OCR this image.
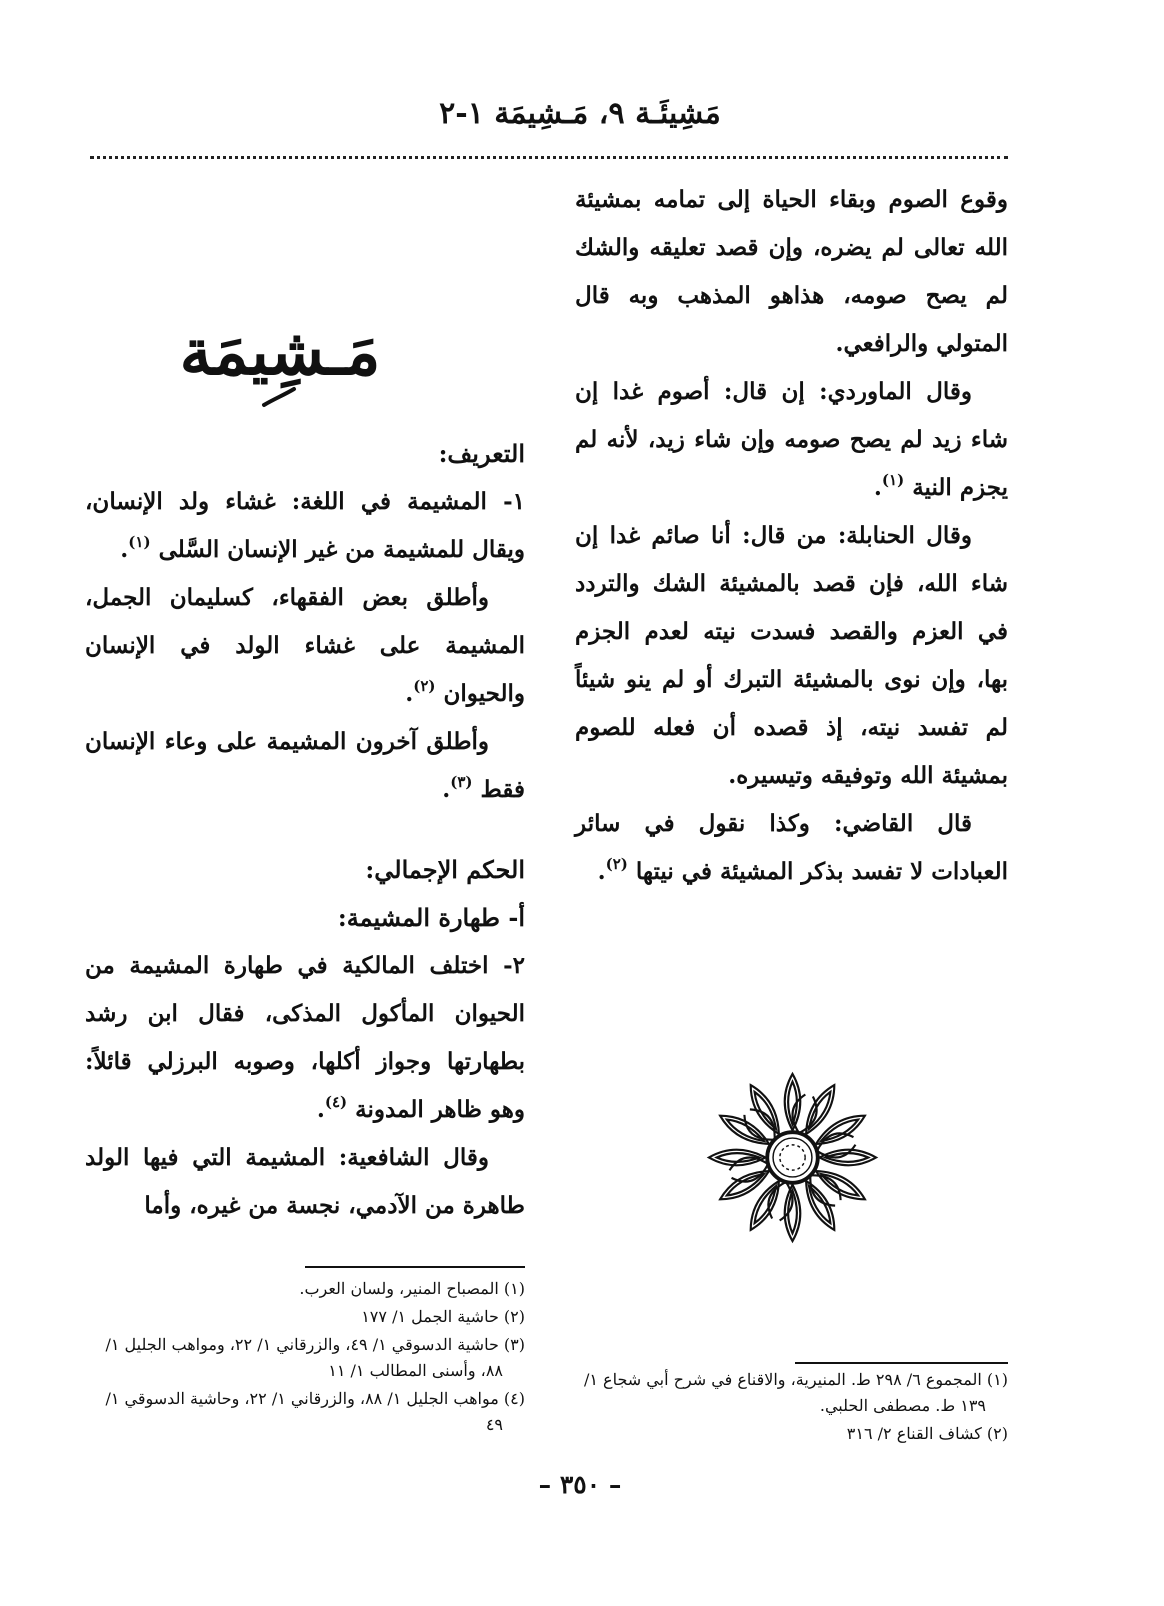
مَشِيئَـة ٩، مَـشِيمَة ١-٢

وقوع الصوم وبقاء الحياة إلى تمامه بمشيئة الله تعالى لم يضره، وإن قصد تعليقه والشك لم يصح صومه، هذاهو المذهب وبه قال المتولي والرافعي.

وقال الماوردي: إن قال: أصوم غدا إن شاء زيد لم يصح صومه وإن شاء زيد، لأنه لم يجزم النية $^{(١)}$.

وقال الحنابلة: من قال: أنا صائم غدا إن شاء الله، فإن قصد بالمشيئة الشك والتردد في العزم والقصد فسدت نيته لعدم الجزم بها، وإن نوى بالمشيئة التبرك أو لم ينو شيئاً لم تفسد نيته، إذ قصده أن فعله للصوم بمشيئة الله وتوفيقه وتيسيره.

قال القاضي: وكذا نقول في سائر العبادات لا تفسد بذكر المشيئة في نيتها $^{(٢)}$.

مَـشِيمَة

التعريف:

١- المشيمة في اللغة: غشاء ولد الإنسان، ويقال للمشيمة من غير الإنسان السَّلى $^{(١)}$.

وأطلق بعض الفقهاء، كسليمان الجمل، المشيمة على غشاء الولد في الإنسان والحيوان $^{(٢)}$.

وأطلق آخرون المشيمة على وعاء الإنسان فقط $^{(٣)}$.

الحكم الإجمالي:

أ- طهارة المشيمة:

٢- اختلف المالكية في طهارة المشيمة من الحيوان المأكول المذكى، فقال ابن رشد بطهارتها وجواز أكلها، وصوبه البرزلي قائلاً: وهو ظاهر المدونة $^{(٤)}$.

وقال الشافعية: المشيمة التي فيها الولد طاهرة من الآدمي، نجسة من غيره، وأما

(١) المصباح المنير، ولسان العرب.

(٢) حاشية الجمل ١/ ١٧٧

(٣) حاشية الدسوقي ١/ ٤٩، والزرقاني ١/ ٢٢، ومواهب الجليل ١/ ٨٨، وأسنى المطالب ١/ ١١

(٤) مواهب الجليل ١/ ٨٨، والزرقاني ١/ ٢٢، وحاشية الدسوقي ١/ ٤٩

(١) المجموع ٦/ ٢٩٨ ط. المنيرية، والاقناع في شرح أبي شجاع ١/ ١٣٩ ط. مصطفى الحلبي.

(٢) كشاف القناع ٢/ ٣١٦

– ٣٥٠ –
